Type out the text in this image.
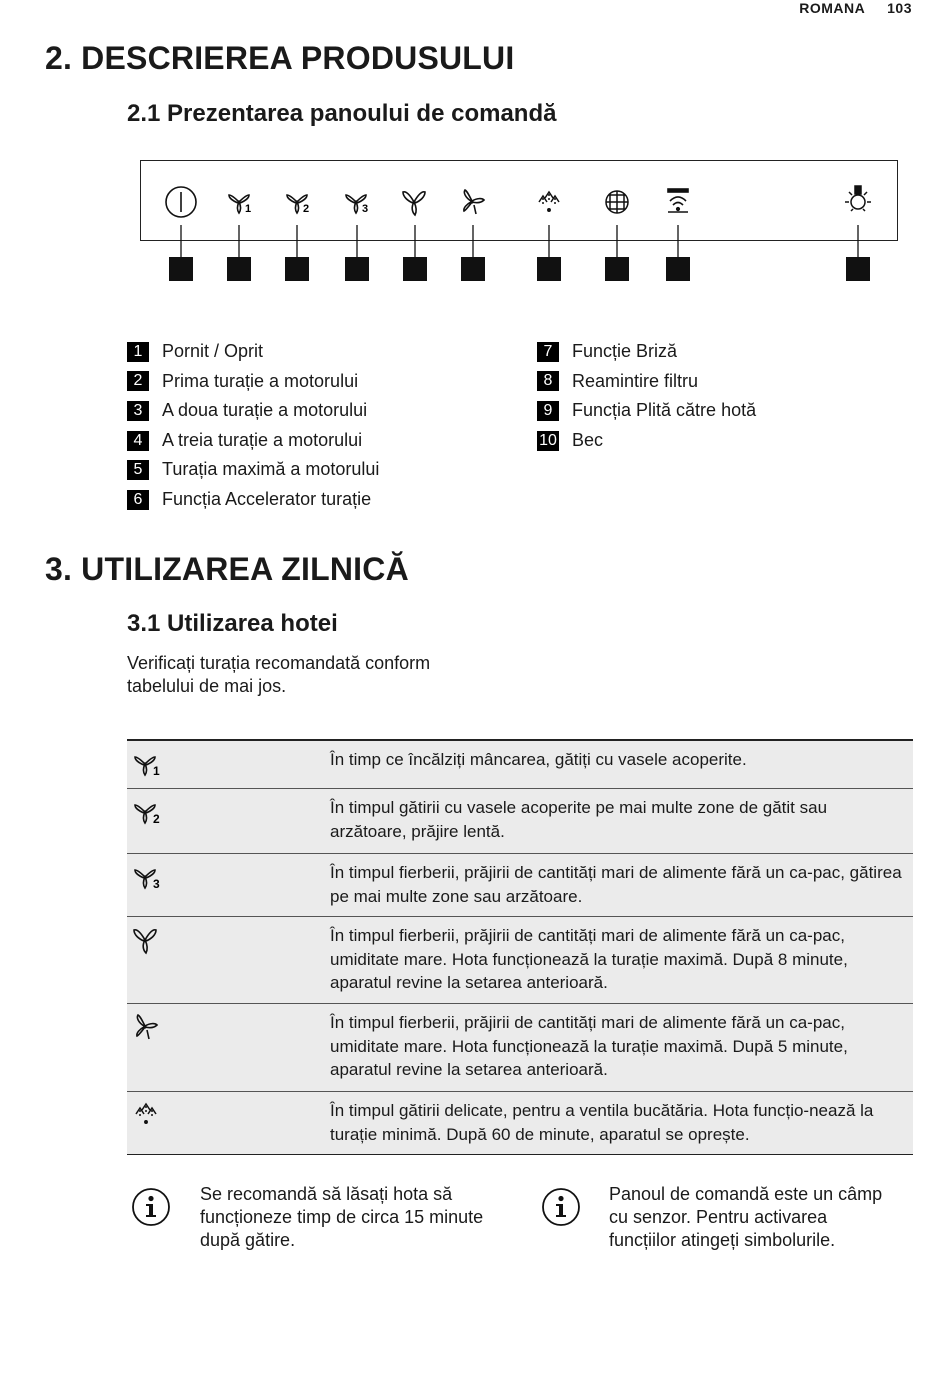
ROMANA 103
2. DESCRIEREA PRODUSULUI
2.1 Prezentarea panoului de comandă
1	2	3
1	Pornit / Oprit
2	Prima turație a motorului
3	A doua turație a motorului
4	A treia turație a motorului
5	Turația maximă a motorului
6	Funcția Accelerator turație
7	Funcție Briză
8	Reamintire filtru
9	Funcția Plită către hotă
10 Bec
3. UTILIZAREA ZILNICĂ
3.1 Utilizarea hotei
Verificați turația recomandată conform tabelului de mai jos.
1
În timp ce încălziți mâncarea, gătiți cu vasele acoperite.
2
În timpul gătirii cu vasele acoperite pe mai multe zone de gătit sau arzătoare, prăjire lentă.
3
În timpul fierberii, prăjirii de cantități mari de alimente fără un ca-pac, gătirea pe mai multe zone sau arzătoare.
În timpul fierberii, prăjirii de cantități mari de alimente fără un ca-pac, umiditate mare. Hota funcționează la turație maximă. După 8 minute, aparatul revine la setarea anterioară.
În timpul fierberii, prăjirii de cantități mari de alimente fără un ca-pac, umiditate mare. Hota funcționează la turație maximă. După 5 minute, aparatul revine la setarea anterioară.
În timpul gătirii delicate, pentru a ventila bucătăria. Hota funcțio-nează la turație minimă. După 60 de minute, aparatul se oprește.
Se recomandă să lăsați hota să funcționeze timp de circa 15 minute după gătire.
Panoul de comandă este un câmp cu senzor. Pentru activarea funcțiilor atingeți simbolurile.
